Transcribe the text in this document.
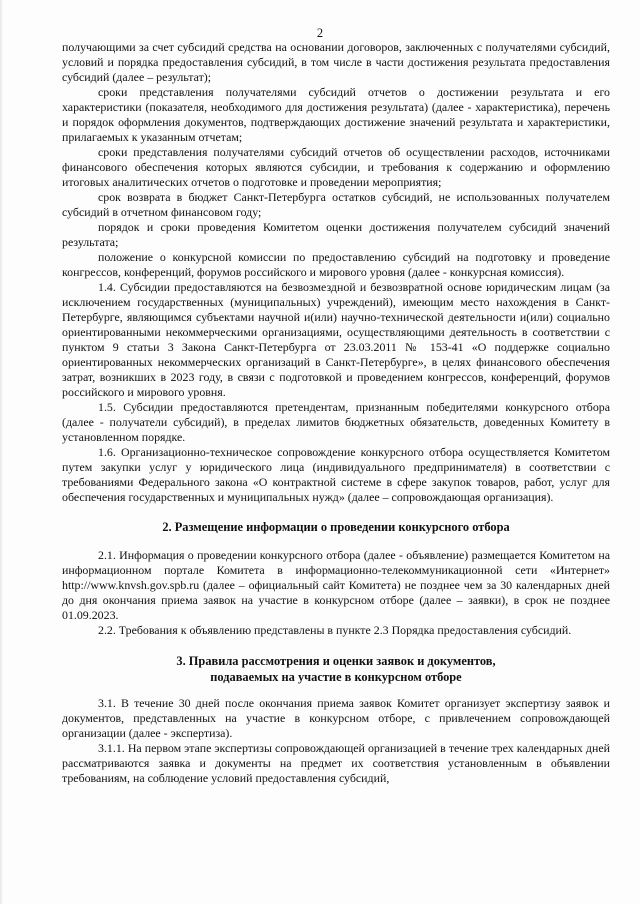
2

получающими за счет субсидий средства на основании договоров, заключенных с получателями субсидий, условий и порядка предоставления субсидий, в том числе в части достижения результата предоставления субсидий (далее – результат);

сроки представления получателями субсидий отчетов о достижении результата и его характеристики (показателя, необходимого для достижения результата) (далее - характеристика), перечень и порядок оформления документов, подтверждающих достижение значений результата и характеристики, прилагаемых к указанным отчетам;

сроки представления получателями субсидий отчетов об осуществлении расходов, источниками финансового обеспечения которых являются субсидии, и требования к содержанию и оформлению итоговых аналитических отчетов о подготовке и проведении мероприятия;

срок возврата в бюджет Санкт-Петербурга остатков субсидий, не использованных получателем субсидий в отчетном финансовом году;

порядок и сроки проведения Комитетом оценки достижения получателем субсидий значений результата;

положение о конкурсной комиссии по предоставлению субсидий на подготовку и проведение конгрессов, конференций, форумов российского и мирового уровня (далее - конкурсная комиссия).

1.4. Субсидии предоставляются на безвозмездной и безвозвратной основе юридическим лицам (за исключением государственных (муниципальных) учреждений), имеющим место нахождения в Санкт-Петербурге, являющимся субъектами научной и(или) научно-технической деятельности и(или) социально ориентированными некоммерческими организациями, осуществляющими деятельность в соответствии с пунктом 9 статьи 3 Закона Санкт-Петербурга от 23.03.2011 № 153-41 «О поддержке социально ориентированных некоммерческих организаций в Санкт-Петербурге», в целях финансового обеспечения затрат, возникших в 2023 году, в связи с подготовкой и проведением конгрессов, конференций, форумов российского и мирового уровня.

1.5. Субсидии предоставляются претендентам, признанным победителями конкурсного отбора (далее - получатели субсидий), в пределах лимитов бюджетных обязательств, доведенных Комитету в установленном порядке.

1.6. Организационно-техническое сопровождение конкурсного отбора осуществляется Комитетом путем закупки услуг у юридического лица (индивидуального предпринимателя) в соответствии с требованиями Федерального закона «О контрактной системе в сфере закупок товаров, работ, услуг для обеспечения государственных и муниципальных нужд» (далее – сопровождающая организация).

2. Размещение информации о проведении конкурсного отбора

2.1. Информация о проведении конкурсного отбора (далее - объявление) размещается Комитетом на информационном портале Комитета в информационно-телекоммуникационной сети «Интернет» http://www.knvsh.gov.spb.ru (далее – официальный сайт Комитета) не позднее чем за 30 календарных дней до дня окончания приема заявок на участие в конкурсном отборе (далее – заявки), в срок не позднее 01.09.2023.

2.2. Требования к объявлению представлены в пункте 2.3 Порядка предоставления субсидий.

3. Правила рассмотрения и оценки заявок и документов,
подаваемых на участие в конкурсном отборе

3.1. В течение 30 дней после окончания приема заявок Комитет организует экспертизу заявок и документов, представленных на участие в конкурсном отборе, с привлечением сопровождающей организации (далее - экспертиза).

3.1.1. На первом этапе экспертизы сопровождающей организацией в течение трех календарных дней рассматриваются заявка и документы на предмет их соответствия установленным в объявлении требованиям, на соблюдение условий предоставления субсидий,
